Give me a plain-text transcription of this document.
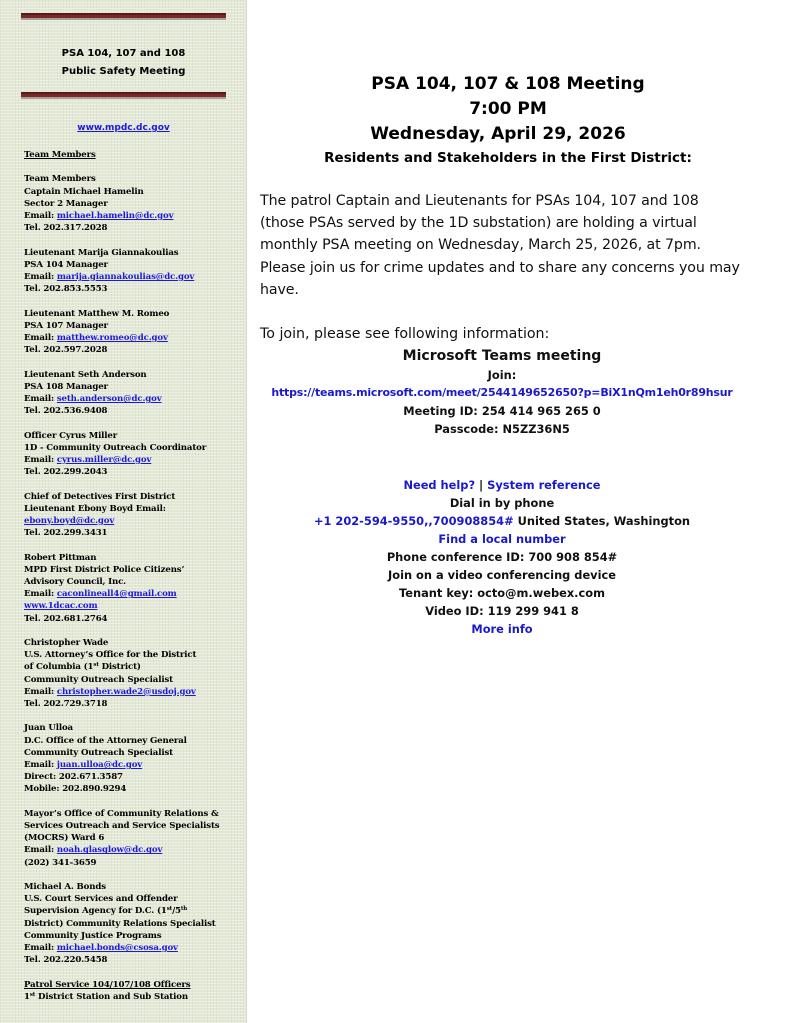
PSA 104, 107 and 108
Public Safety Meeting
www.mpdc.dc.gov
Team Members
Team Members
Captain Michael Hamelin
Sector 2 Manager
Email: michael.hamelin@dc.gov
Tel. 202.317.2028
Lieutenant Marija Giannakoulias
PSA 104 Manager
Email: marija.giannakoulias@dc.gov
Tel. 202.853.5553
Lieutenant Matthew M. Romeo
PSA 107 Manager
Email: matthew.romeo@dc.gov
Tel. 202.597.2028
Lieutenant Seth Anderson
PSA 108 Manager
Email: seth.anderson@dc.gov
Tel. 202.536.9408
Officer Cyrus Miller
1D - Community Outreach Coordinator
Email: cyrus.miller@dc.gov
Tel. 202.299.2043
Chief of Detectives First District
Lieutenant Ebony Boyd Email:
ebony.boyd@dc.gov
Tel. 202.299.3431
Robert Pittman
MPD First District Police Citizens’
Advisory Council, Inc.
Email: caconlineall4@gmail.com
www.1dcac.com
Tel. 202.681.2764
Christopher Wade
U.S. Attorney’s Office for the District
of Columbia (1st District)
Community Outreach Specialist
Email: christopher.wade2@usdoj.gov
Tel. 202.729.3718
Juan Ulloa
D.C. Office of the Attorney General
Community Outreach Specialist
Email: juan.ulloa@dc.gov
Direct: 202.671.3587
Mobile: 202.890.9294
Mayor’s Office of Community Relations &
Services Outreach and Service Specialists
(MOCRS) Ward 6
Email: noah.glasglow@dc.gov
(202) 341-3659
Michael A. Bonds
U.S. Court Services and Offender
Supervision Agency for D.C. (1st/5th
District) Community Relations Specialist
Community Justice Programs
Email: michael.bonds@csosa.gov
Tel. 202.220.5458
Patrol Service 104/107/108 Officers
1st District Station and Sub Station
PSA 104, 107 & 108 Meeting
7:00 PM
Wednesday, April 29, 2026
Residents and Stakeholders in the First District:

The patrol Captain and Lieutenants for PSAs 104, 107 and 108 (those PSAs served by the 1D substation) are holding a virtual monthly PSA meeting on Wednesday, March 25, 2026, at 7pm. Please join us for crime updates and to share any concerns you may have.

To join, please see following information:

Microsoft Teams meeting
Join:
https://teams.microsoft.com/meet/2544149652650?p=BiX1nQm1eh0r89hsur
Meeting ID: 254 414 965 265 0
Passcode: N5ZZ36N5
Need help? | System reference
Dial in by phone
+1 202-594-9550,,700908854# United States, Washington
Find a local number
Phone conference ID: 700 908 854#
Join on a video conferencing device
Tenant key: octo@m.webex.com
Video ID: 119 299 941 8
More info
